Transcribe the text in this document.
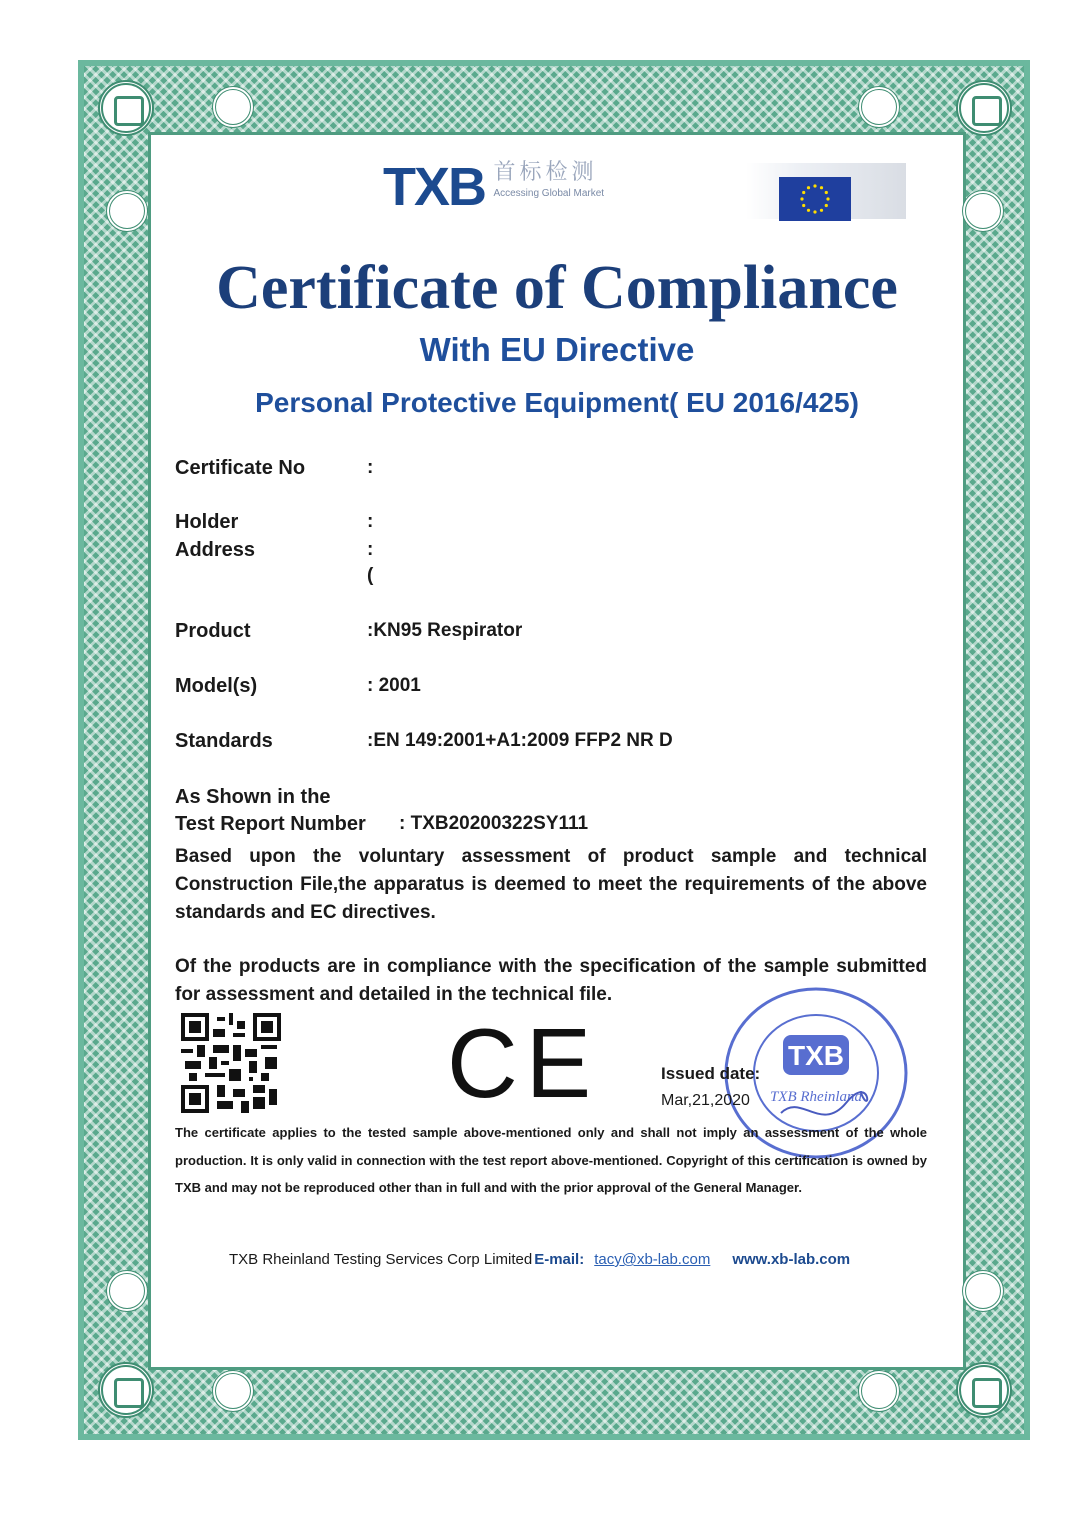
TXB 首标检测
Accessing Global Market
Certificate of Compliance
With EU Directive
Personal Protective Equipment( EU 2016/425)
Certificate No	:
Holder	:
Address	:
(
Product	:KN95 Respirator
Model(s)	: 2001
Standards	:EN 149:2001+A1:2009 FFP2 NR D
As Shown in the
Test Report Number : TXB20200322SY111
Based upon the voluntary assessment of product sample and technical Construction File,the apparatus is deemed to meet the requirements of the above standards and EC directives.
Of the products are in compliance with the specification of the sample submitted for assessment and detailed in the technical file.
CE	TXB
TXB Rheinland
Issued date:
Mar,21,2020
The certificate applies to the tested sample above-mentioned only and shall not imply an assessment of the whole production. It is only valid in connection with the test report above-mentioned. Copyright of this certification is owned by TXB and may not be reproduced other than in full and with the prior approval of the General Manager.
TXB Rheinland Testing Services Corp Limited E-mail: tacy@xb-lab.com www.xb-lab.com
